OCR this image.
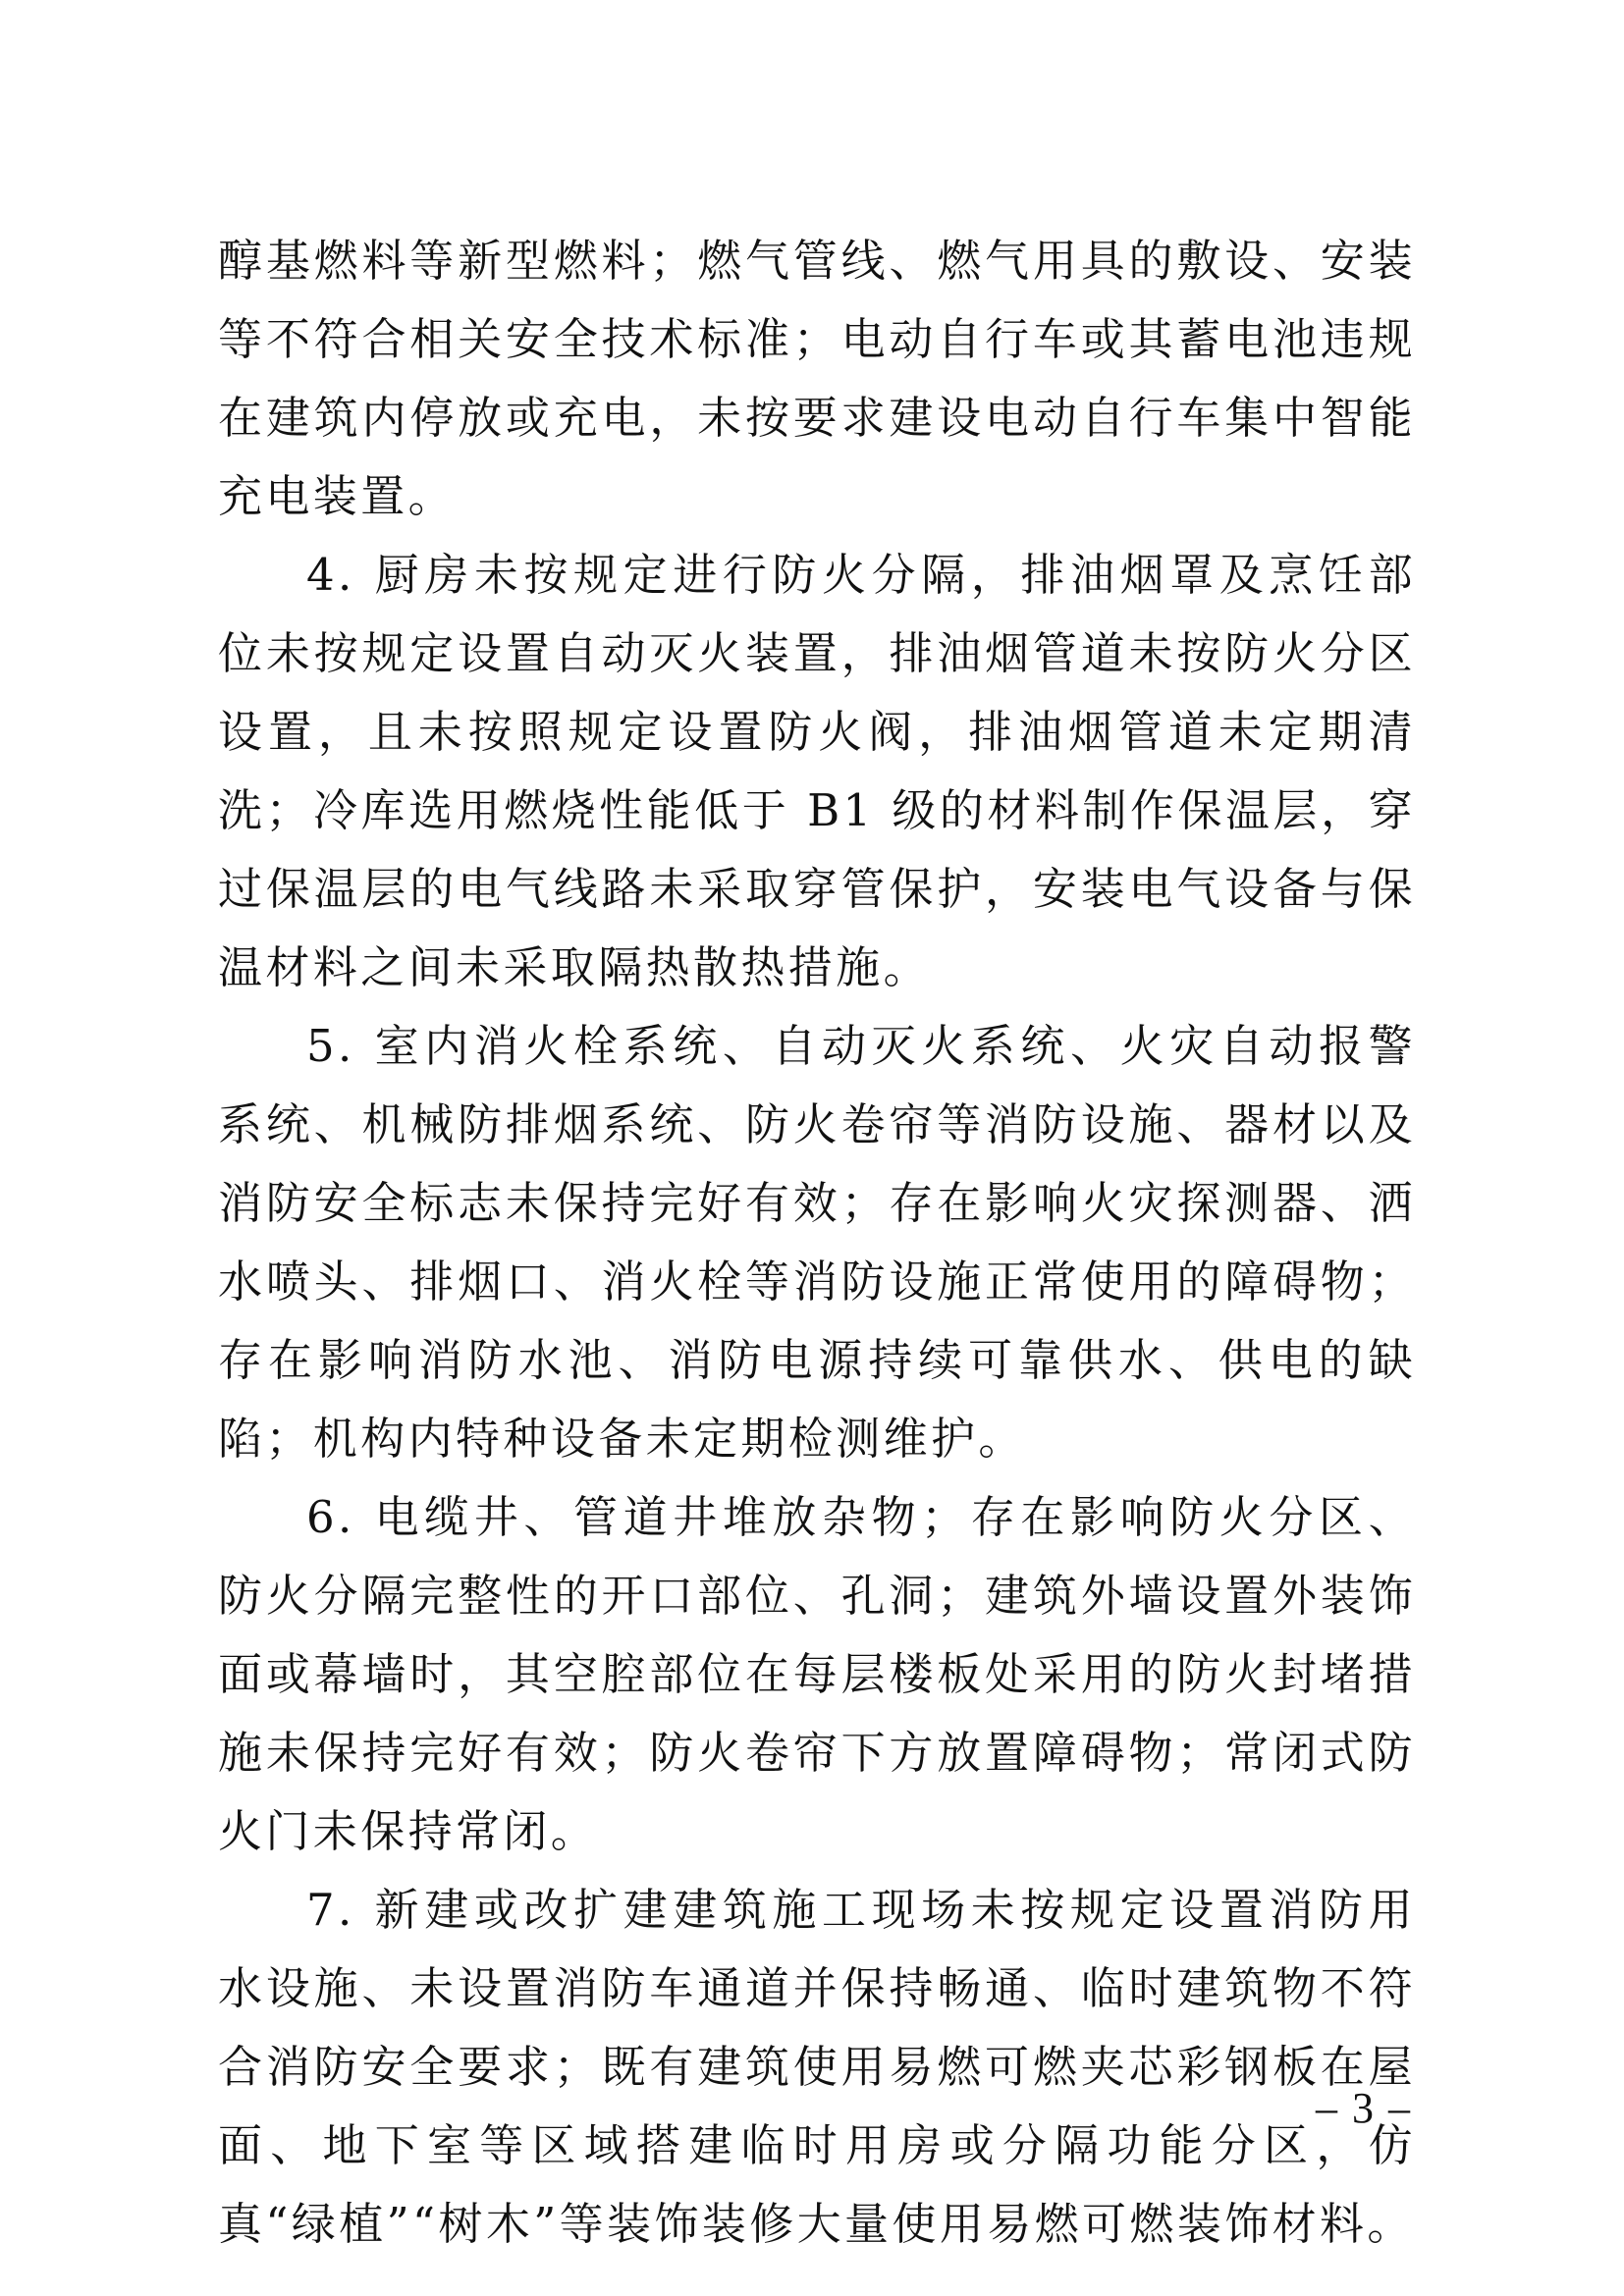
醇基燃料等新型燃料；燃气管线、燃气用具的敷设、安装等不符合相关安全技术标准；电动自行车或其蓄电池违规在建筑内停放或充电，未按要求建设电动自行车集中智能充电装置。

4. 厨房未按规定进行防火分隔，排油烟罩及烹饪部位未按规定设置自动灭火装置，排油烟管道未按防火分区设置，且未按照规定设置防火阀，排油烟管道未定期清洗；冷库选用燃烧性能低于 B1 级的材料制作保温层，穿过保温层的电气线路未采取穿管保护，安装电气设备与保温材料之间未采取隔热散热措施。

5. 室内消火栓系统、自动灭火系统、火灾自动报警系统、机械防排烟系统、防火卷帘等消防设施、器材以及消防安全标志未保持完好有效；存在影响火灾探测器、洒水喷头、排烟口、消火栓等消防设施正常使用的障碍物；存在影响消防水池、消防电源持续可靠供水、供电的缺陷；机构内特种设备未定期检测维护。

6. 电缆井、管道井堆放杂物；存在影响防火分区、防火分隔完整性的开口部位、孔洞；建筑外墙设置外装饰面或幕墙时，其空腔部位在每层楼板处采用的防火封堵措施未保持完好有效；防火卷帘下方放置障碍物；常闭式防火门未保持常闭。

7. 新建或改扩建建筑施工现场未按规定设置消防用水设施、未设置消防车通道并保持畅通、临时建筑物不符合消防安全要求；既有建筑使用易燃可燃夹芯彩钢板在屋面、地下室等区域搭建临时用房或分隔功能分区，仿真“绿植”“树木”等装饰装修大量使用易燃可燃装饰材料。

– 3 –
